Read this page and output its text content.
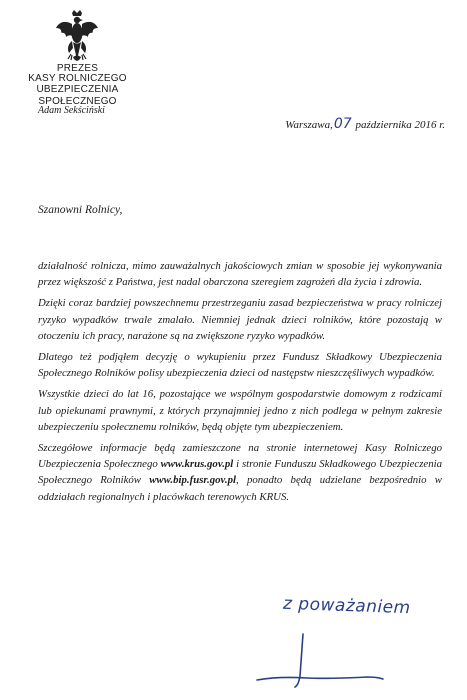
PREZES
KASY ROLNICZEGO
UBEZPIECZENIA SPOŁECZNEGO
Adam Sekściński
Warszawa,07 października 2016 r.
Szanowni Rolnicy,

działalność rolnicza, mimo zauważalnych jakościowych zmian w sposobie jej wykonywania przez większość z Państwa, jest nadal obarczona szeregiem zagrożeń dla życia i zdrowia.

Dzięki coraz bardziej powszechnemu przestrzeganiu zasad bezpieczeństwa w pracy rolniczej ryzyko wypadków trwale zmalało. Niemniej jednak dzieci rolników, które pozostają w otoczeniu ich pracy, narażone są na zwiększone ryzyko wypadków.

Dlatego też podjąłem decyzję o wykupieniu przez Fundusz Składkowy Ubezpieczenia Społecznego Rolników polisy ubezpieczenia dzieci od następstw nieszczęśliwych wypadków.

Wszystkie dzieci do lat 16, pozostające we wspólnym gospodarstwie domowym z rodzicami lub opiekunami prawnymi, z których przynajmniej jedno z nich podlega w pełnym zakresie ubezpieczeniu społecznemu rolników, będą objęte tym ubezpieczeniem.

Szczegółowe informacje będą zamieszczone na stronie internetowej Kasy Rolniczego Ubezpieczenia Społecznego www.krus.gov.pl i stronie Funduszu Składkowego Ubezpieczenia Społecznego Rolników www.bip.fusr.gov.pl, ponadto będą udzielane bezpośrednio w oddziałach regionalnych i placówkach terenowych KRUS.

z poważaniem
